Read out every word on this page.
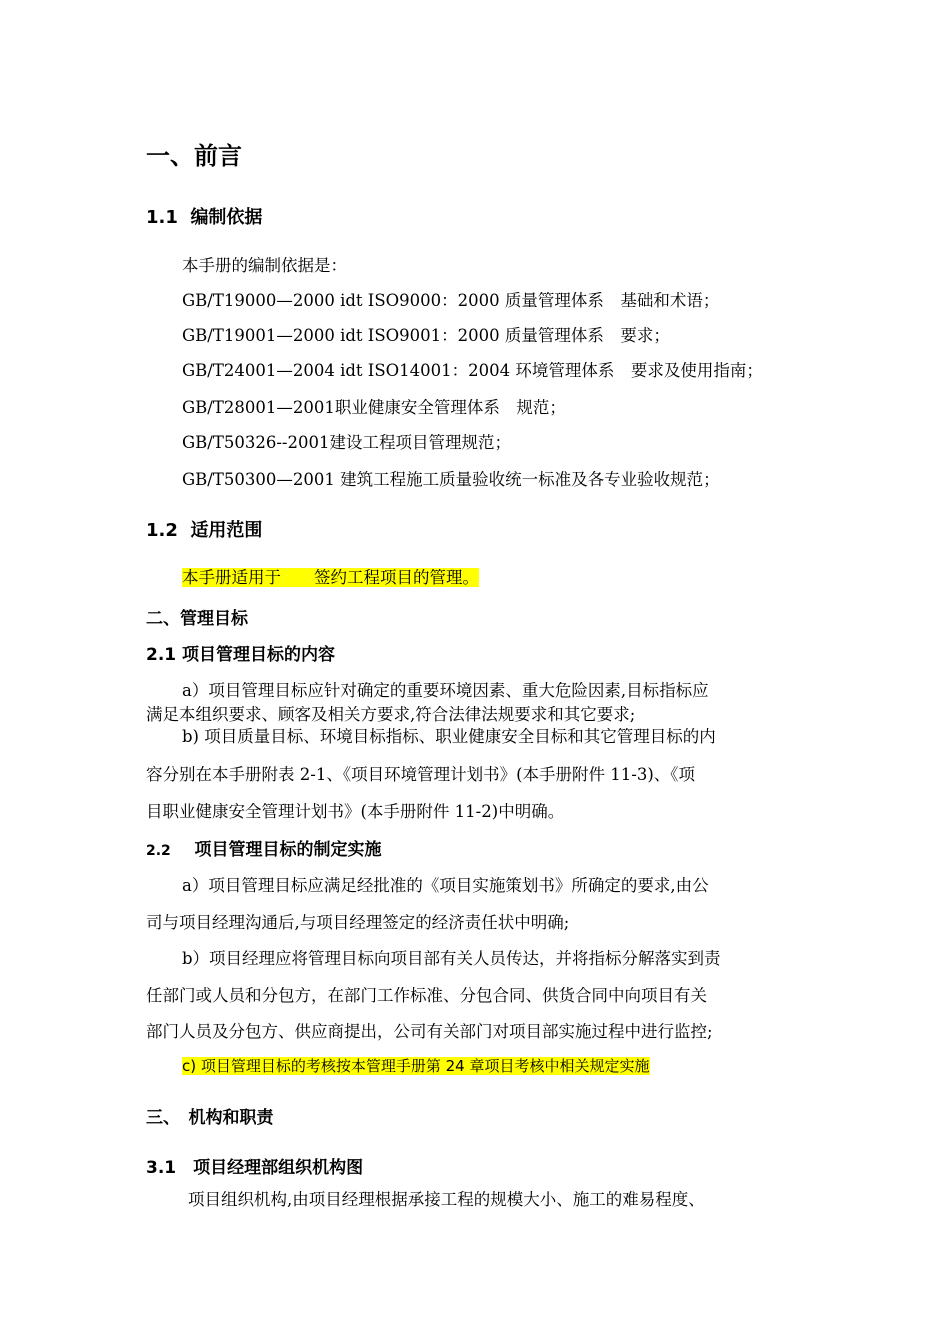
一、前言
1.1 编制依据
本手册的编制依据是：
GB/T19000—2000 idt ISO9000：2000 质量管理体系　基础和术语；
GB/T19001—2000 idt ISO9001：2000 质量管理体系　要求；
GB/T24001—2004 idt ISO14001：2004 环境管理体系　要求及使用指南；
GB/T28001—2001职业健康安全管理体系　规范；
GB/T50326--2001建设工程项目管理规范；
GB/T50300—2001 建筑工程施工质量验收统一标准及各专业验收规范；
1.2 适用范围
本手册适用于　　签约工程项目的管理。
二、管理目标
2.1 项目管理目标的内容
a）项目管理目标应针对确定的重要环境因素、重大危险因素,目标指标应
满足本组织要求、顾客及相关方要求,符合法律法规要求和其它要求;
b) 项目质量目标、环境目标指标、职业健康安全目标和其它管理目标的内
容分别在本手册附表 2-1、《项目环境管理计划书》(本手册附件 11-3)、《项
目职业健康安全管理计划书》(本手册附件 11-2)中明确。
2.2 项目管理目标的制定实施
a）项目管理目标应满足经批准的《项目实施策划书》所确定的要求,由公
司与项目经理沟通后,与项目经理签定的经济责任状中明确;
b）项目经理应将管理目标向项目部有关人员传达，并将指标分解落实到责
任部门或人员和分包方，在部门工作标准、分包合同、供货合同中向项目有关
部门人员及分包方、供应商提出，公司有关部门对项目部实施过程中进行监控;
c) 项目管理目标的考核按本管理手册第 24 章项目考核中相关规定实施
三、　机构和职责
3.1　项目经理部组织机构图
项目组织机构,由项目经理根据承接工程的规模大小、施工的难易程度、
